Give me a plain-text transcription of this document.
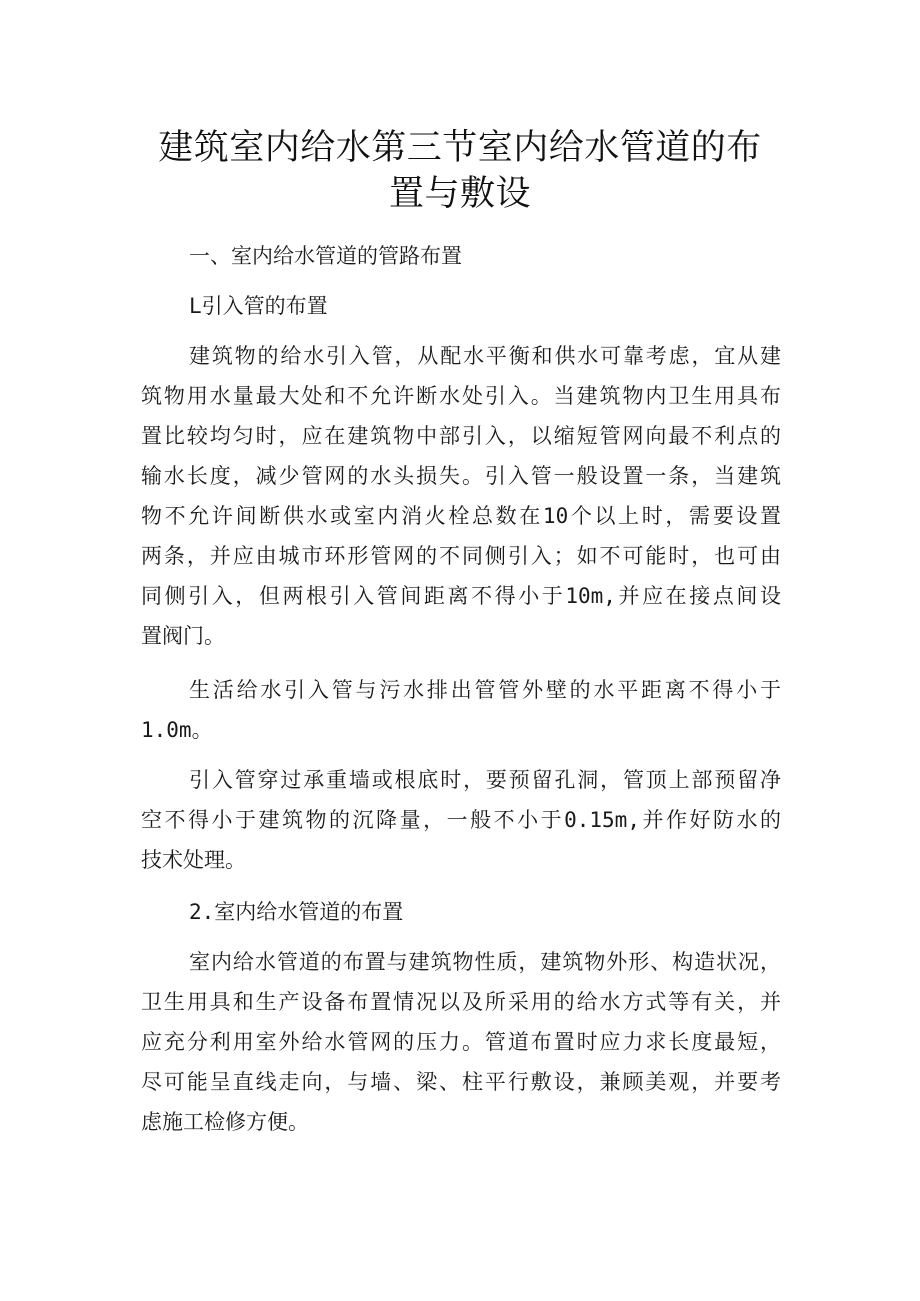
建筑室内给水第三节室内给水管道的布
置与敷设
一、室内给水管道的管路布置
L引入管的布置
建筑物的给水引入管，从配水平衡和供水可靠考虑，宜从建
筑物用水量最大处和不允许断水处引入。当建筑物内卫生用具布
置比较均匀时，应在建筑物中部引入，以缩短管网向最不利点的
输水长度，减少管网的水头损失。引入管一般设置一条，当建筑
物不允许间断供水或室内消火栓总数在10个以上时，需要设置
两条，并应由城市环形管网的不同侧引入；如不可能时，也可由
同侧引入，但两根引入管间距离不得小于10m,并应在接点间设
置阀门。
生活给水引入管与污水排出管管外壁的水平距离不得小于
1.0m。
引入管穿过承重墙或根底时，要预留孔洞，管顶上部预留净
空不得小于建筑物的沉降量，一般不小于0.15m,并作好防水的
技术处理。
2.室内给水管道的布置
室内给水管道的布置与建筑物性质，建筑物外形、构造状况，
卫生用具和生产设备布置情况以及所采用的给水方式等有关，并
应充分利用室外给水管网的压力。管道布置时应力求长度最短，
尽可能呈直线走向，与墙、梁、柱平行敷设，兼顾美观，并要考
虑施工检修方便。
